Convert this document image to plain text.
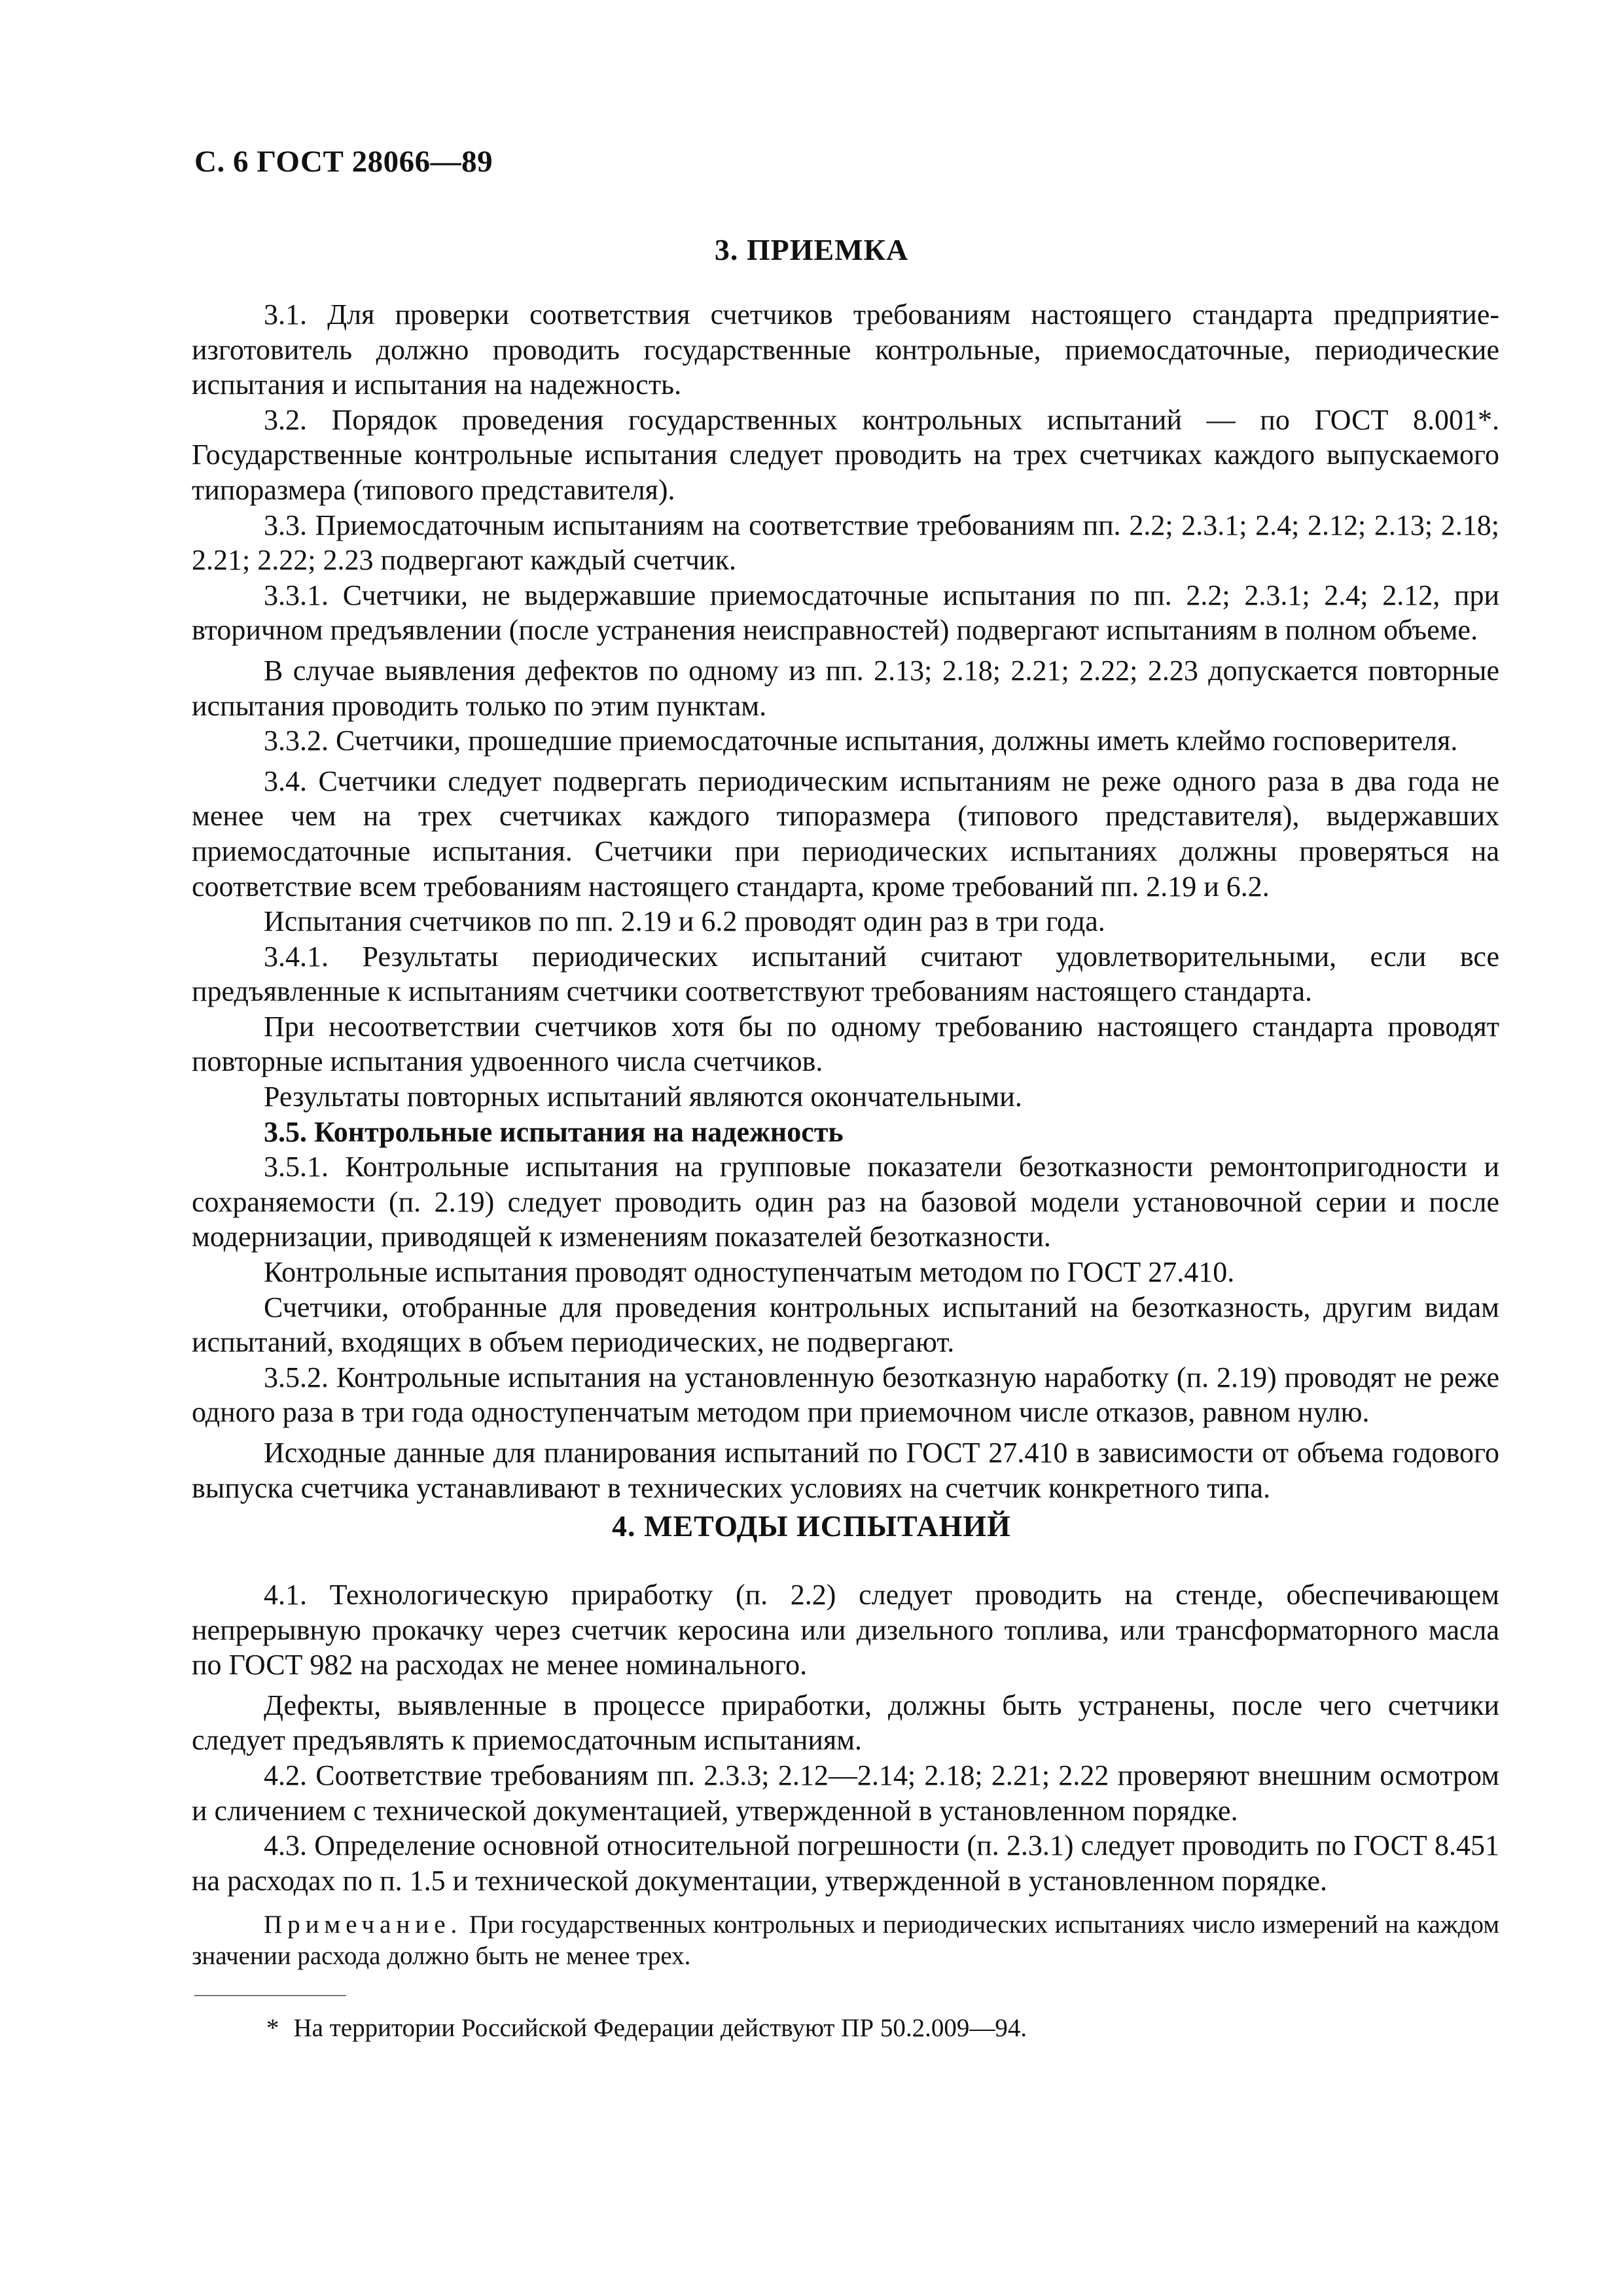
С. 6 ГОСТ 28066—89
3. ПРИЕМКА

3.1. Для проверки соответствия счетчиков требованиям настоящего стандарта предприятие-изготовитель должно проводить государственные контрольные, приемосдаточные, периодические испытания и испытания на надежность.

3.2. Порядок проведения государственных контрольных испытаний — по ГОСТ 8.001*. Государственные контрольные испытания следует проводить на трех счетчиках каждого выпускаемого типоразмера (типового представителя).

3.3. Приемосдаточным испытаниям на соответствие требованиям пп. 2.2; 2.3.1; 2.4; 2.12; 2.13; 2.18; 2.21; 2.22; 2.23 подвергают каждый счетчик.

3.3.1. Счетчики, не выдержавшие приемосдаточные испытания по пп. 2.2; 2.3.1; 2.4; 2.12, при вторичном предъявлении (после устранения неисправностей) подвергают испытаниям в полном объеме.

В случае выявления дефектов по одному из пп. 2.13; 2.18; 2.21; 2.22; 2.23 допускается повторные испытания проводить только по этим пунктам.

3.3.2. Счетчики, прошедшие приемосдаточные испытания, должны иметь клеймо госповерителя.

3.4. Счетчики следует подвергать периодическим испытаниям не реже одного раза в два года не менее чем на трех счетчиках каждого типоразмера (типового представителя), выдержавших приемосдаточные испытания. Счетчики при периодических испытаниях должны проверяться на соответствие всем требованиям настоящего стандарта, кроме требований пп. 2.19 и 6.2.

Испытания счетчиков по пп. 2.19 и 6.2 проводят один раз в три года.

3.4.1. Результаты периодических испытаний считают удовлетворительными, если все предъявленные к испытаниям счетчики соответствуют требованиям настоящего стандарта.

При несоответствии счетчиков хотя бы по одному требованию настоящего стандарта проводят повторные испытания удвоенного числа счетчиков.

Результаты повторных испытаний являются окончательными.

3.5. Контрольные испытания на надежность

3.5.1. Контрольные испытания на групповые показатели безотказности ремонтопригодности и сохраняемости (п. 2.19) следует проводить один раз на базовой модели установочной серии и после модернизации, приводящей к изменениям показателей безотказности.

Контрольные испытания проводят одноступенчатым методом по ГОСТ 27.410.

Счетчики, отобранные для проведения контрольных испытаний на безотказность, другим видам испытаний, входящих в объем периодических, не подвергают.

3.5.2. Контрольные испытания на установленную безотказную наработку (п. 2.19) проводят не реже одного раза в три года одноступенчатым методом при приемочном числе отказов, равном нулю.

Исходные данные для планирования испытаний по ГОСТ 27.410 в зависимости от объема годового выпуска счетчика устанавливают в технических условиях на счетчик конкретного типа.

4. МЕТОДЫ ИСПЫТАНИЙ

4.1. Технологическую приработку (п. 2.2) следует проводить на стенде, обеспечивающем непрерывную прокачку через счетчик керосина или дизельного топлива, или трансформаторного масла по ГОСТ 982 на расходах не менее номинального.

Дефекты, выявленные в процессе приработки, должны быть устранены, после чего счетчики следует предъявлять к приемосдаточным испытаниям.

4.2. Соответствие требованиям пп. 2.3.3; 2.12—2.14; 2.18; 2.21; 2.22 проверяют внешним осмотром и сличением с технической документацией, утвержденной в установленном порядке.

4.3. Определение основной относительной погрешности (п. 2.3.1) следует проводить по ГОСТ 8.451 на расходах по п. 1.5 и технической документации, утвержденной в установленном порядке.

Примечание. При государственных контрольных и периодических испытаниях число измерений на каждом значении расхода должно быть не менее трех.

* На территории Российской Федерации действуют ПР 50.2.009—94.
